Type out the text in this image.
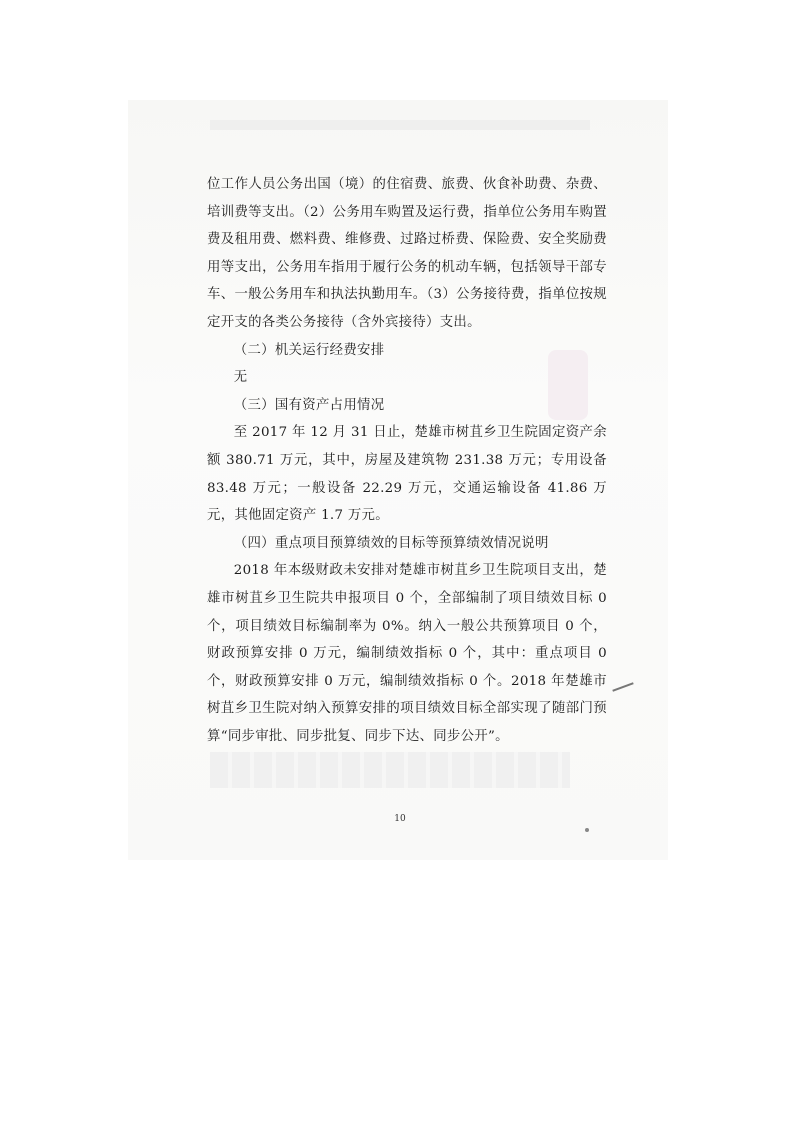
位工作人员公务出国（境）的住宿费、旅费、伙食补助费、杂费、培训费等支出。（2）公务用车购置及运行费，指单位公务用车购置费及租用费、燃料费、维修费、过路过桥费、保险费、安全奖励费用等支出，公务用车指用于履行公务的机动车辆，包括领导干部专车、一般公务用车和执法执勤用车。（3）公务接待费，指单位按规定开支的各类公务接待（含外宾接待）支出。

（二）机关运行经费安排

无

（三）国有资产占用情况

至 2017 年 12 月 31 日止，楚雄市树苴乡卫生院固定资产余额 380.71 万元，其中，房屋及建筑物 231.38 万元；专用设备 83.48 万元；一般设备 22.29 万元，交通运输设备 41.86 万元，其他固定资产 1.7 万元。

（四）重点项目预算绩效的目标等预算绩效情况说明

2018 年本级财政未安排对楚雄市树苴乡卫生院项目支出，楚雄市树苴乡卫生院共申报项目 0 个，全部编制了项目绩效目标 0 个，项目绩效目标编制率为 0%。纳入一般公共预算项目 0 个，财政预算安排 0 万元，编制绩效指标 0 个，其中：重点项目 0 个，财政预算安排 0 万元，编制绩效指标 0 个。2018 年楚雄市树苴乡卫生院对纳入预算安排的项目绩效目标全部实现了随部门预算“同步审批、同步批复、同步下达、同步公开”。

10
